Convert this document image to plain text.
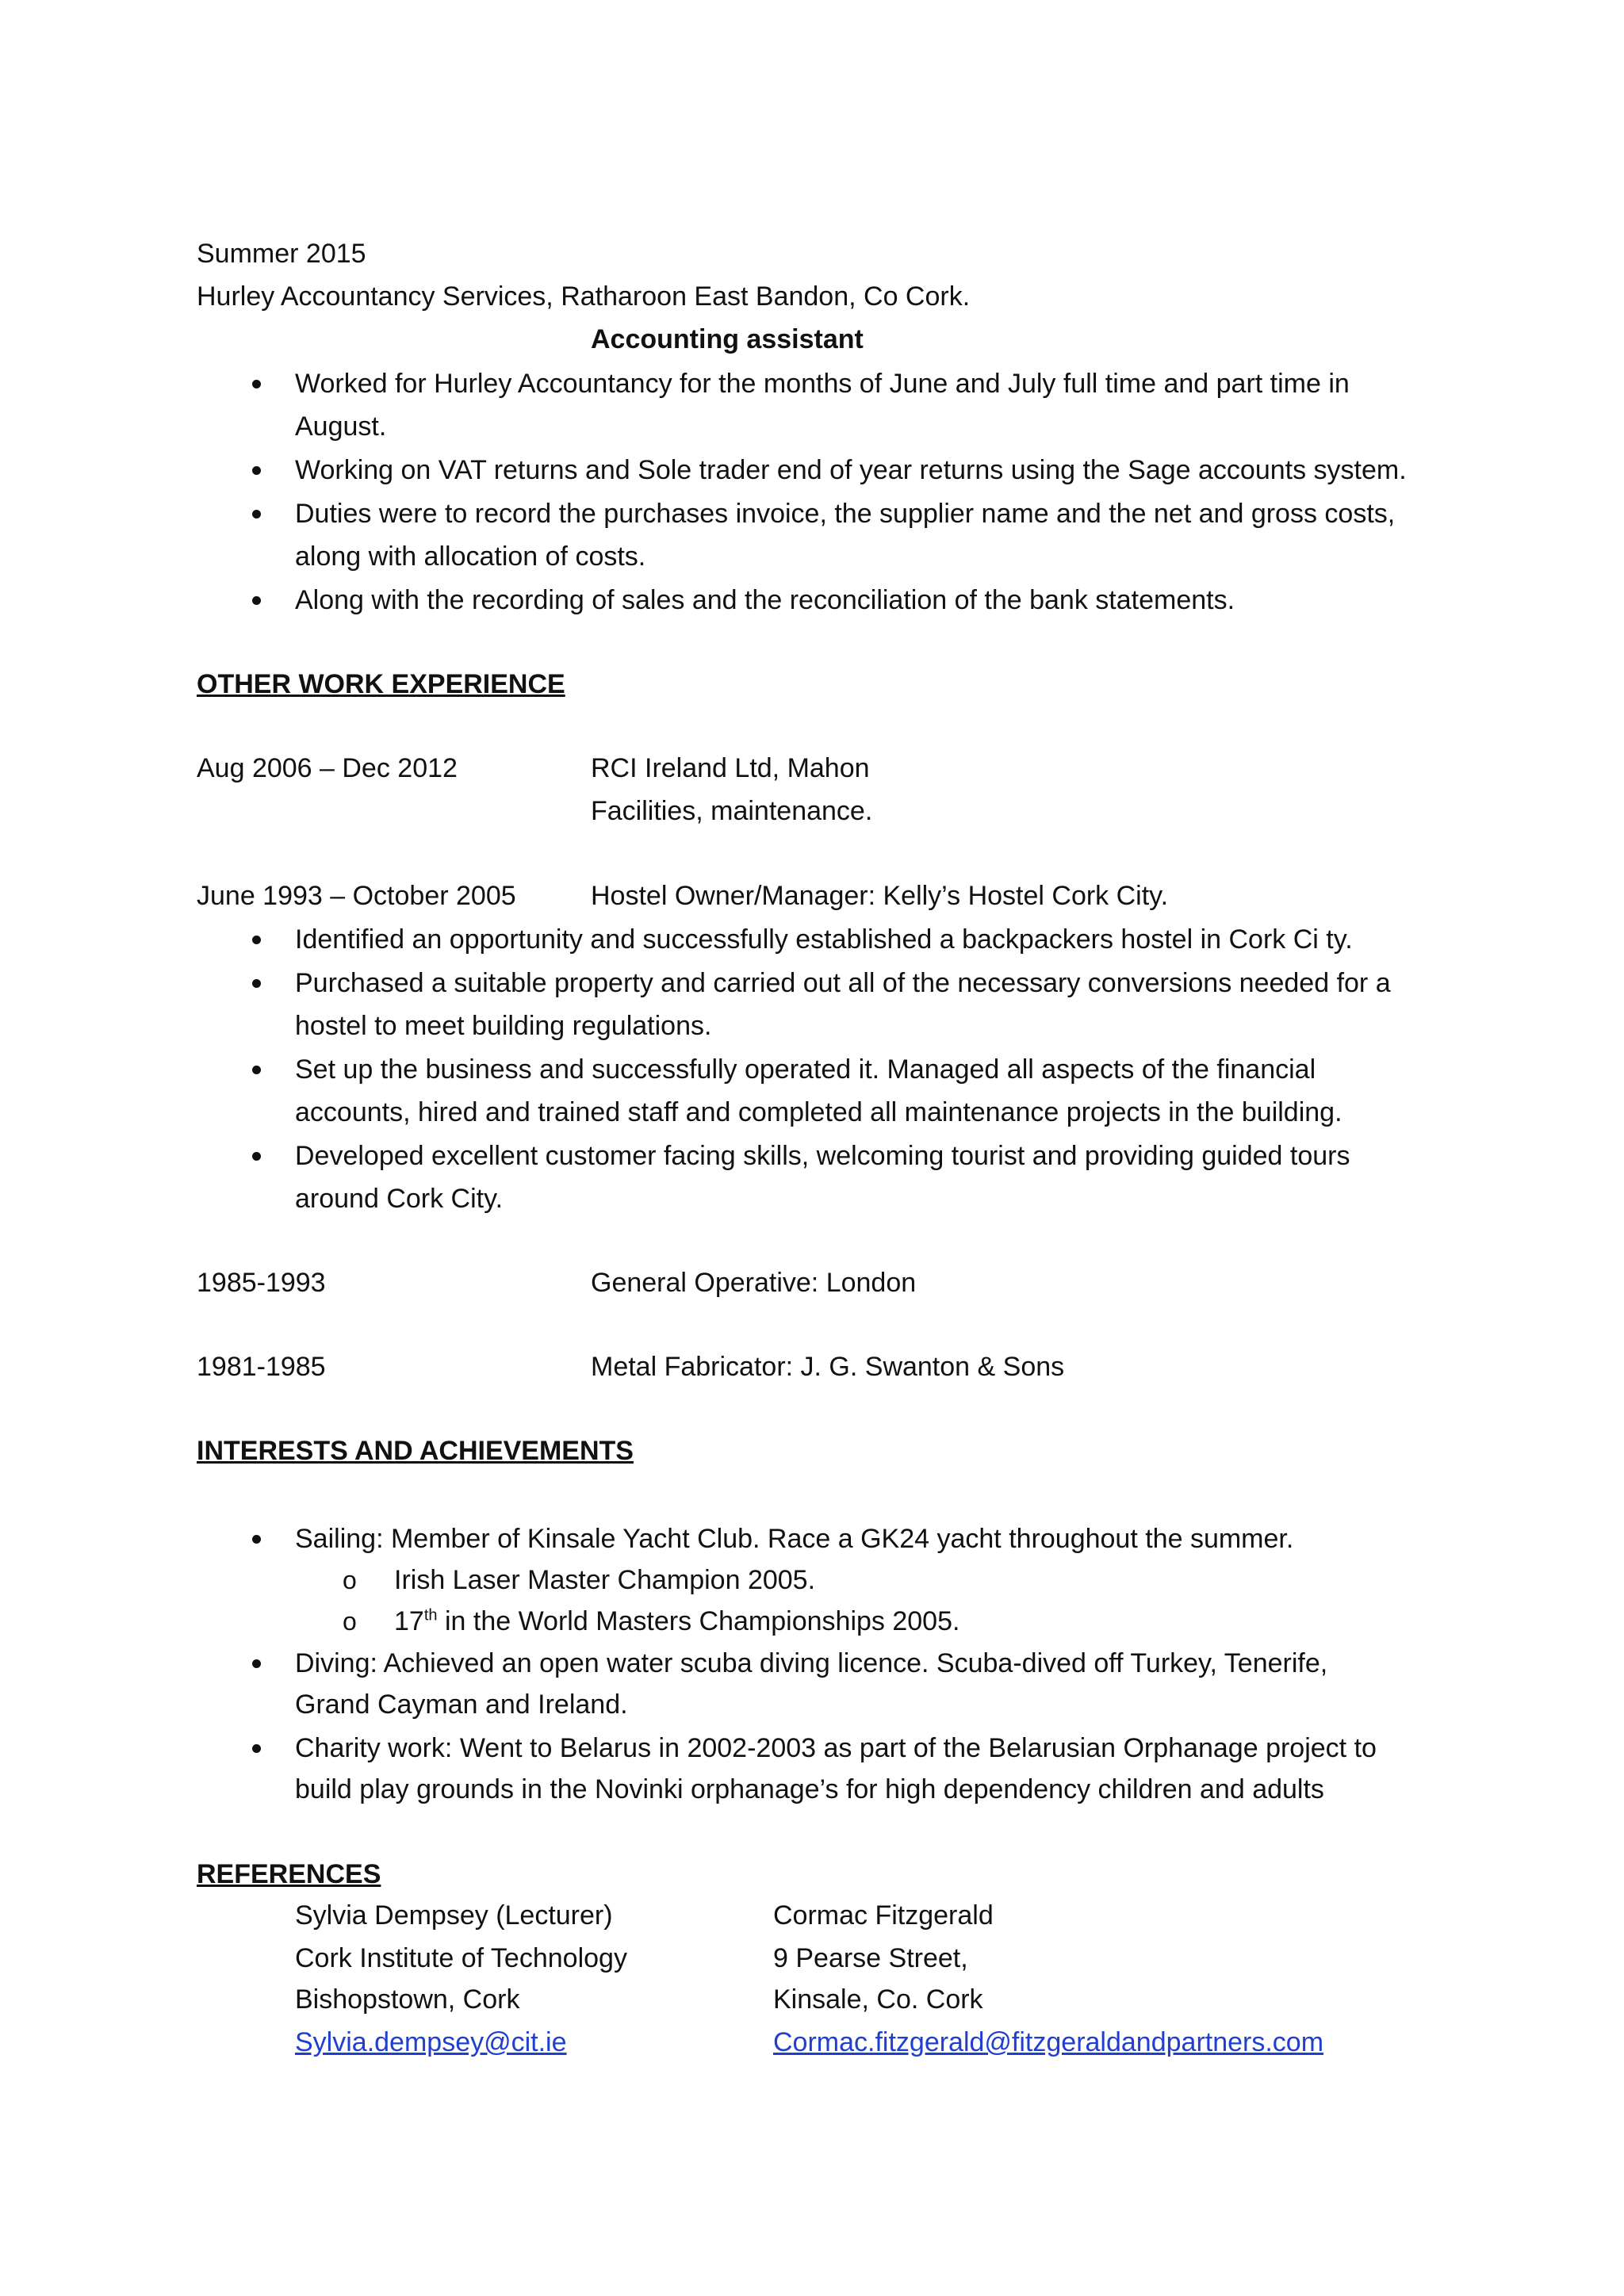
Summer 2015
Hurley Accountancy Services, Ratharoon East Bandon, Co Cork.
Accounting assistant
Worked for Hurley Accountancy for the months of June and July full time and part time in
August.
Working on VAT returns and Sole trader end of year returns using the Sage accounts system.
Duties were to record the purchases invoice, the supplier name and the net and gross costs,
along with allocation of costs.
Along with the recording of sales and the reconciliation of the bank statements.
OTHER WORK EXPERIENCE
Aug 2006 – Dec 2012	RCI Ireland Ltd, Mahon
Facilities, maintenance.
June 1993 – October 2005	Hostel Owner/Manager: Kelly’s Hostel Cork City.
Identified an opportunity and successfully established a backpackers hostel in Cork Ci ty.
Purchased a suitable property and carried out all of the necessary conversions needed for a
hostel to meet building regulations.
Set up the business and successfully operated it. Managed all aspects of the financial
accounts, hired and trained staff and completed all maintenance projects in the building.
Developed excellent customer facing skills, welcoming tourist and providing guided tours
around Cork City.
1985-1993	General Operative: London
1981-1985	Metal Fabricator: J. G. Swanton & Sons
INTERESTS AND ACHIEVEMENTS
Sailing: Member of Kinsale Yacht Club. Race a GK24 yacht throughout the summer.
o Irish Laser Master Champion 2005.
o 17th in the World Masters Championships 2005.
Diving: Achieved an open water scuba diving licence. Scuba-dived off Turkey, Tenerife,
Grand Cayman and Ireland.
Charity work: Went to Belarus in 2002-2003 as part of the Belarusian Orphanage project to
build play grounds in the Novinki orphanage’s for high dependency children and adults
REFERENCES
Sylvia Dempsey (Lecturer)	Cormac Fitzgerald
Cork Institute of Technology	9 Pearse Street,
Bishopstown, Cork	Kinsale, Co. Cork
Sylvia.dempsey@cit.ie	Cormac.fitzgerald@fitzgeraldandpartners.com
